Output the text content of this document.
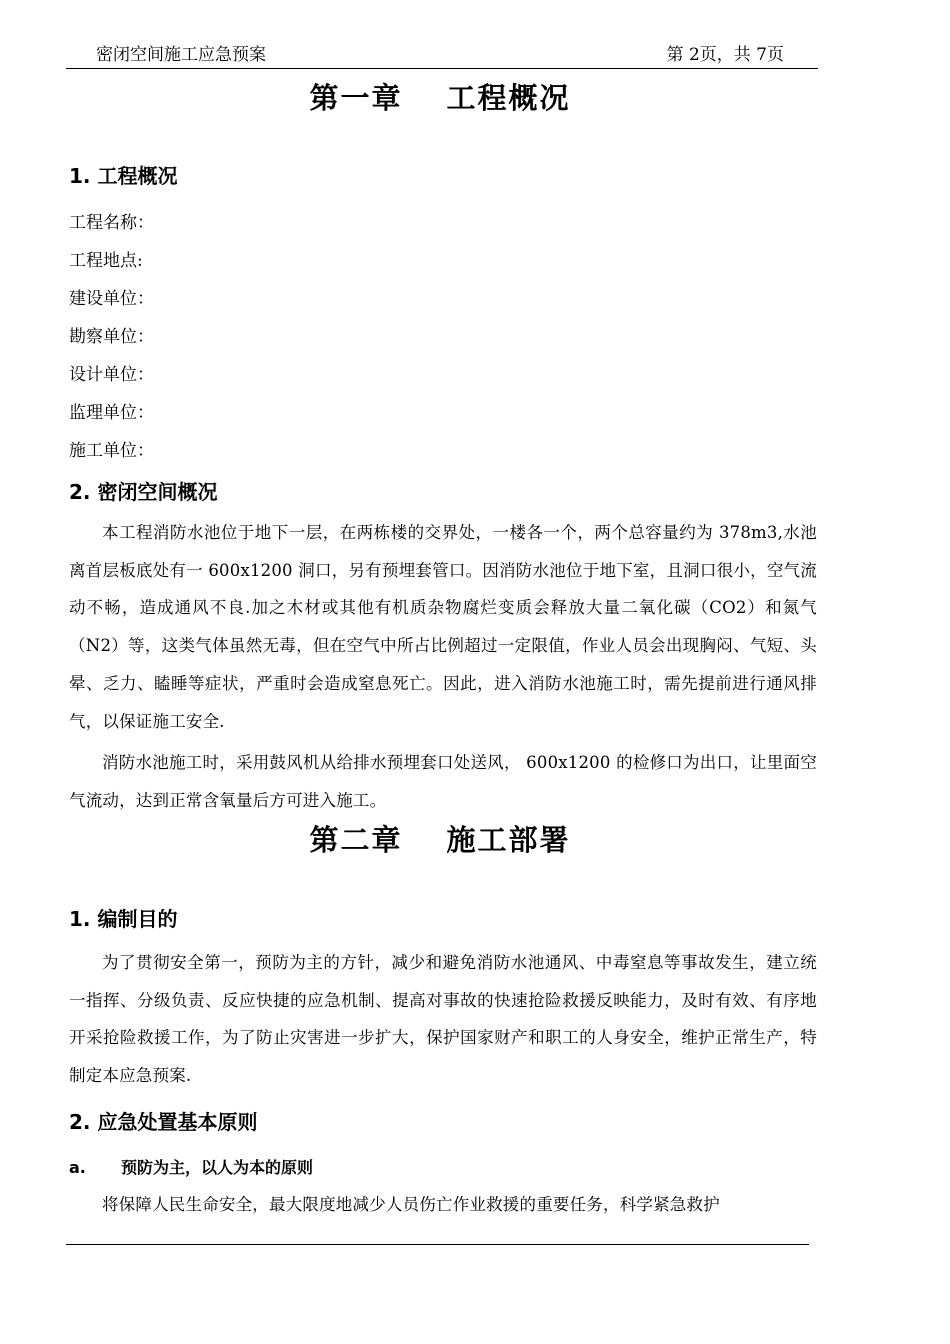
密闭空间施工应急预案	第 2页，共 7页
第一章 工程概况
1. 工程概况
工程名称：
工程地点:
建设单位：
勘察单位：
设计单位：
监理单位：
施工单位：
2. 密闭空间概况
本工程消防水池位于地下一层，在两栋楼的交界处，一楼各一个，两个总容量约为 378m3,水池离首层板底处有一 600x1200 洞口，另有预埋套管口。因消防水池位于地下室，且洞口很小，空气流动不畅，造成通风不良.加之木材或其他有机质杂物腐烂变质会释放大量二氧化碳（CO2）和氮气（N2）等，这类气体虽然无毒，但在空气中所占比例超过一定限值，作业人员会出现胸闷、气短、头晕、乏力、瞌睡等症状，严重时会造成窒息死亡。因此，进入消防水池施工时，需先提前进行通风排气，以保证施工安全.
消防水池施工时，采用鼓风机从给排水预埋套口处送风， 600x1200 的检修口为出口，让里面空气流动，达到正常含氧量后方可进入施工。
第二章 施工部署
1. 编制目的
为了贯彻安全第一，预防为主的方针，减少和避免消防水池通风、中毒窒息等事故发生，建立统一指挥、分级负责、反应快捷的应急机制、提高对事故的快速抢险救援反映能力，及时有效、有序地开采抢险救援工作，为了防止灾害进一步扩大，保护国家财产和职工的人身安全，维护正常生产，特制定本应急预案.
2. 应急处置基本原则
a. 预防为主，以人为本的原则
将保障人民生命安全，最大限度地减少人员伤亡作业救援的重要任务，科学紧急救护
